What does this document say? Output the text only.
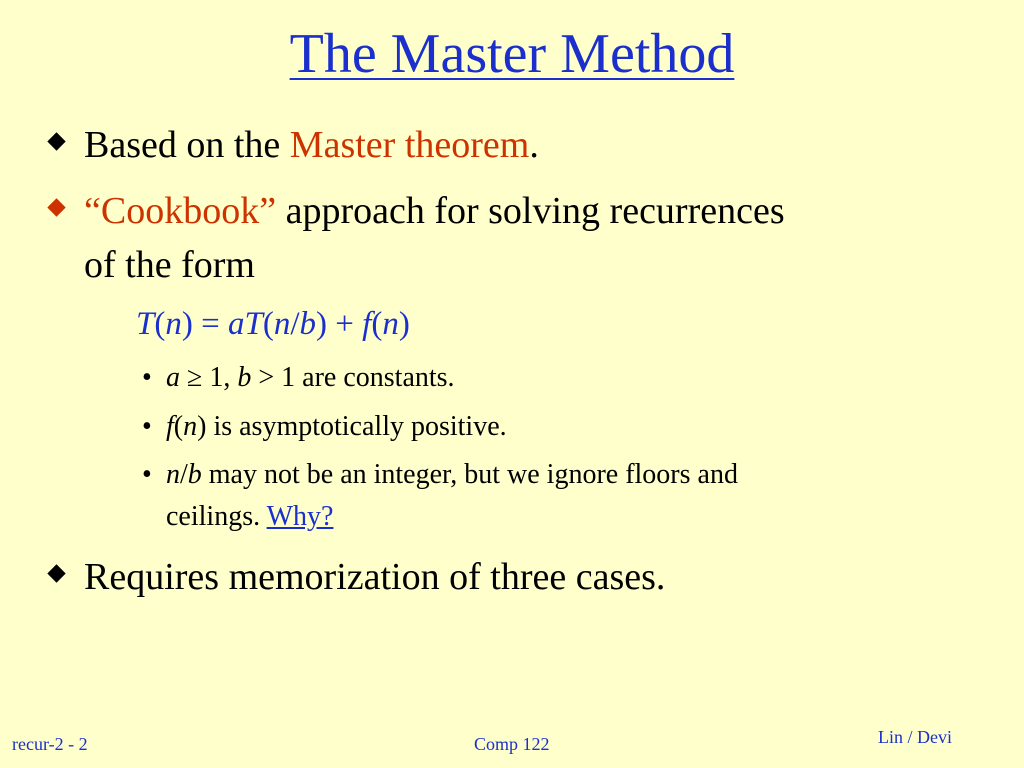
The Master Method
Based on the Master theorem.
“Cookbook” approach for solving recurrences
of the form
T(n) = aT(n/b) + f(n)
• a ≥ 1, b > 1 are constants.
• f(n) is asymptotically positive.
• n/b may not be an integer, but we ignore floors and
ceilings. Why?
Requires memorization of three cases.
recur-2 - 2	Comp 122	Lin / Devi
